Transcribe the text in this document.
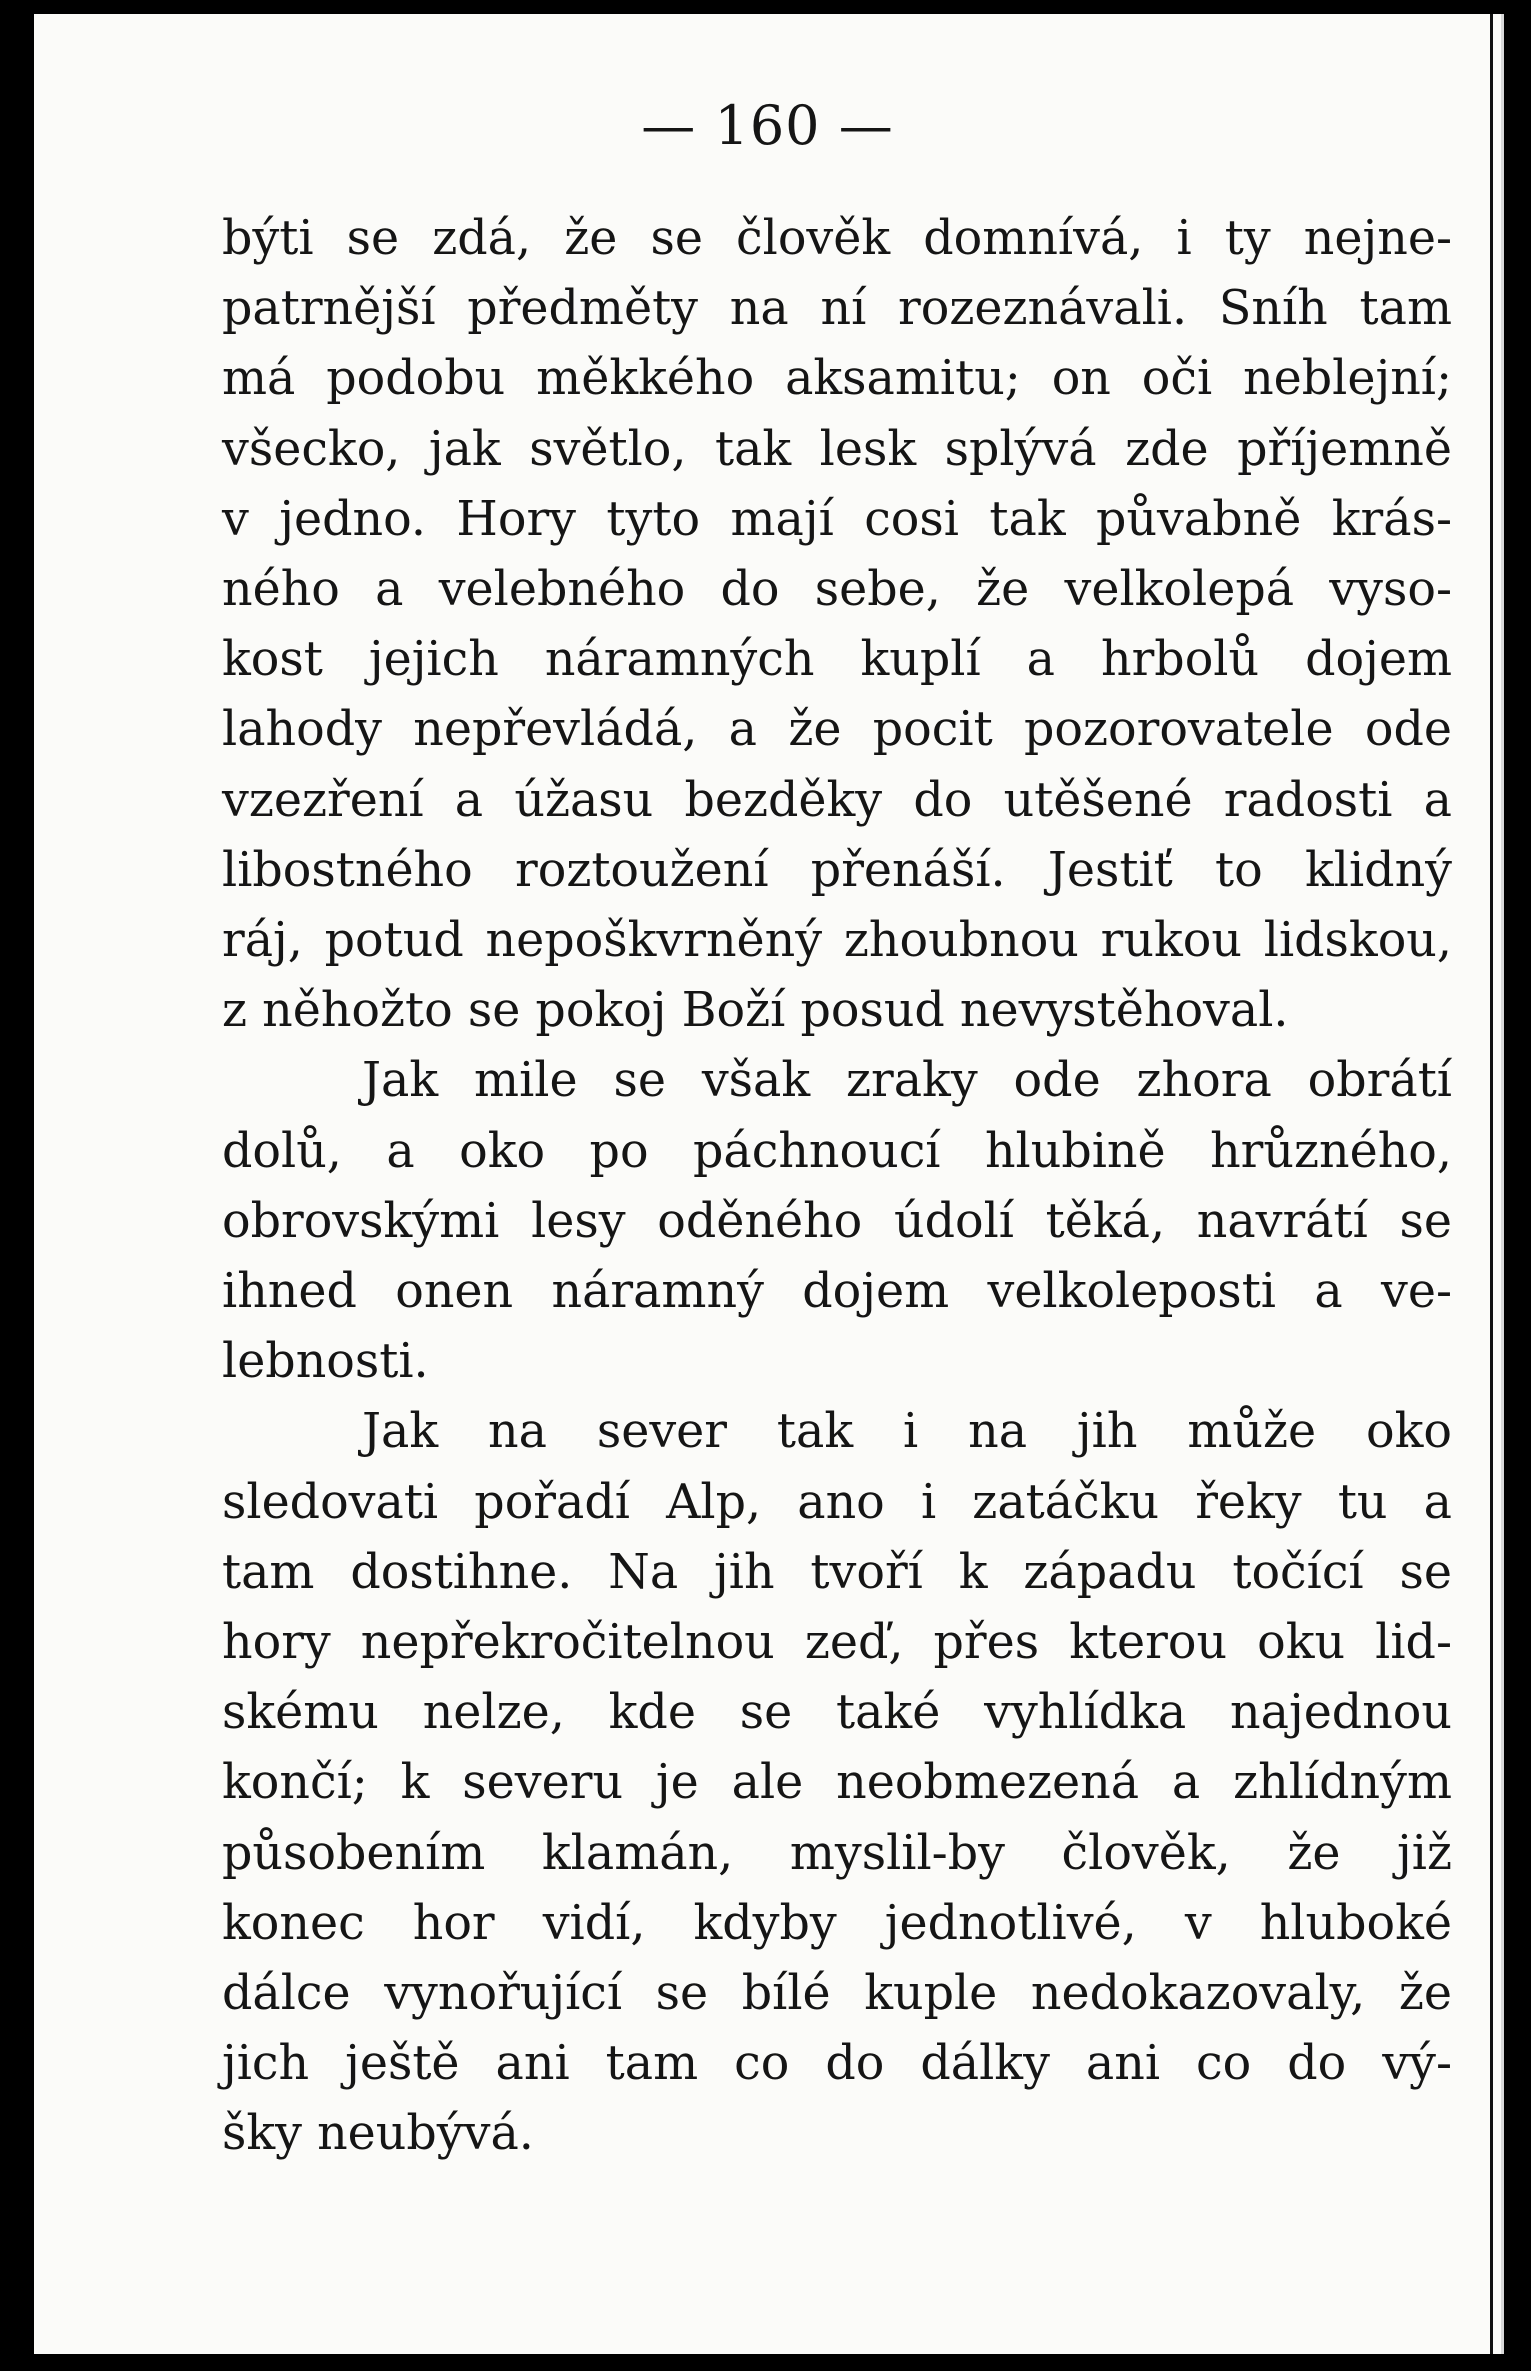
— 160 —
býti se zdá, že se člověk domnívá, i ty nejne-
patrnější předměty na ní rozeznávali. Sníh tam
má podobu měkkého aksamitu; on oči neblejní;
všecko, jak světlo, tak lesk splývá zde příjemně
v jedno. Hory tyto mají cosi tak půvabně krás-
ného a velebného do sebe, že velkolepá vyso-
kost jejich náramných kuplí a hrbolů dojem
lahody nepřevládá, a že pocit pozorovatele ode
vzezření a úžasu bezděky do utěšené radosti a
libostného roztoužení přenáší. Jestiť to klidný
ráj, potud nepoškvrněný zhoubnou rukou lidskou,
z něhožto se pokoj Boží posud nevystěhoval.
Jak mile se však zraky ode zhora obrátí
dolů, a oko po páchnoucí hlubině hrůzného,
obrovskými lesy oděného údolí těká, navrátí se
ihned onen náramný dojem velkoleposti a ve-
lebnosti.
Jak na sever tak i na jih může oko
sledovati pořadí Alp, ano i zatáčku řeky tu a
tam dostihne. Na jih tvoří k západu točící se
hory nepřekročitelnou zeď, přes kterou oku lid-
skému nelze, kde se také vyhlídka najednou
končí; k severu je ale neobmezená a zhlídným
působením klamán, myslil-by člověk, že již
konec hor vidí, kdyby jednotlivé, v hluboké
dálce vynořující se bílé kuple nedokazovaly, že
jich ještě ani tam co do dálky ani co do vý-
šky neubývá.
